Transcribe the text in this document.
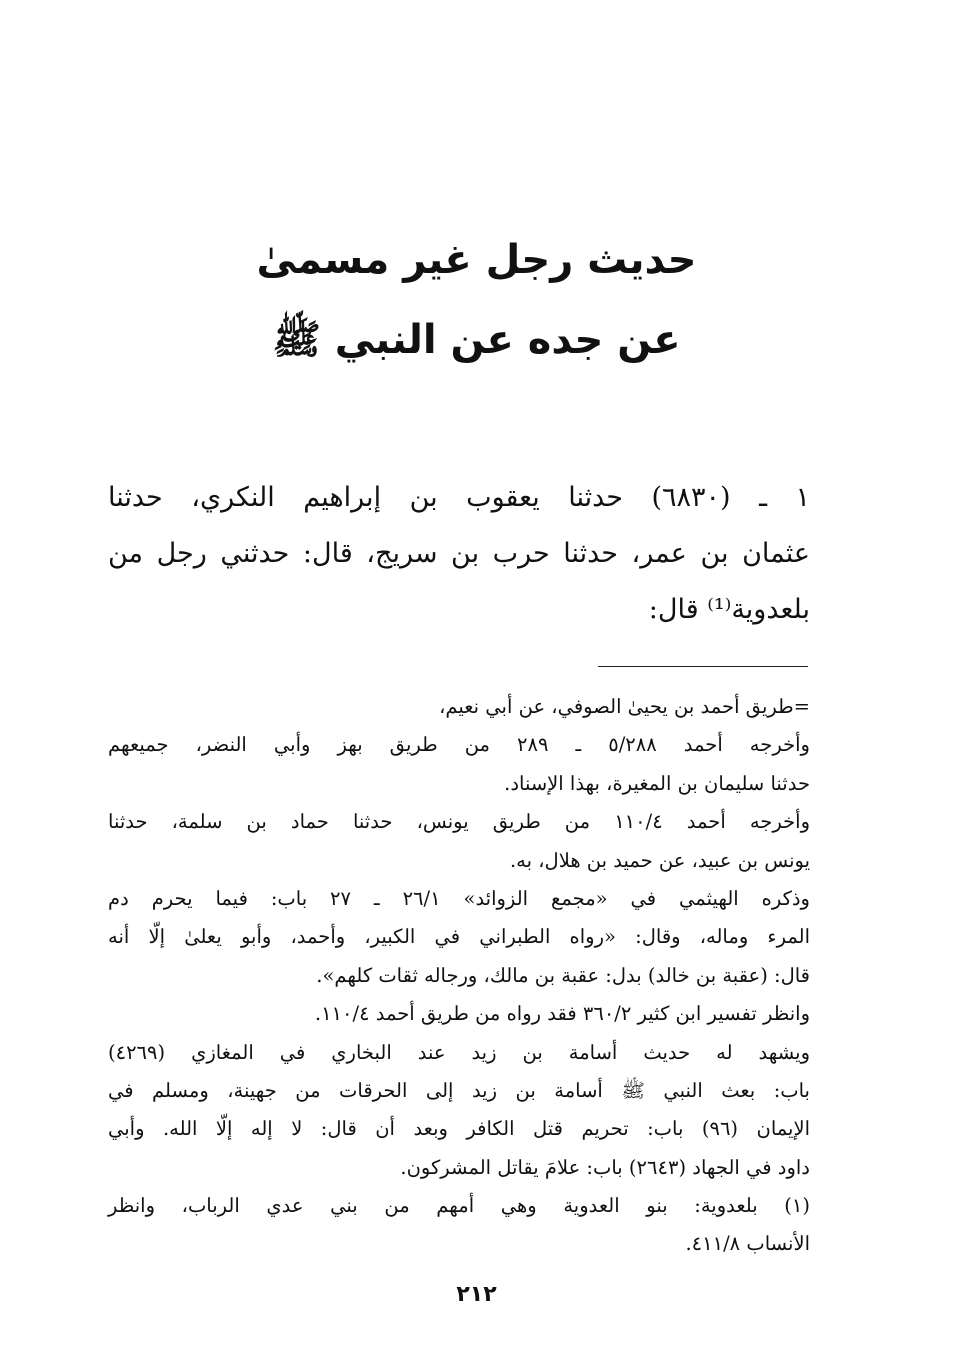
حديث رجل غير مسمىٰ
عن جده عن النبي ﷺ
١ ـ (٦٨٣٠) حدثنا يعقوب بن إبراهيم النكري، حدثنا
عثمان بن عمر، حدثنا حرب بن سريج، قال: حدثني رجل من
بلعدوية⁽¹⁾ قال:
=طريق أحمد بن يحيىٰ الصوفي، عن أبي نعيم،
وأخرجه أحمد ٥/٢٨٨ ـ ٢٨٩ من طريق بهز وأبي النضر، جميعهم
حدثنا سليمان بن المغيرة، بهذا الإسناد.
وأخرجه أحمد ١١٠/٤ من طريق يونس، حدثنا حماد بن سلمة، حدثنا
يونس بن عبيد، عن حميد بن هلال، به.
وذكره الهيثمي في «مجمع الزوائد» ٢٦/١ ـ ٢٧ باب: فيما يحرم دم
المرء وماله، وقال: «رواه الطبراني في الكبير، وأحمد، وأبو يعلىٰ إلّا أنه
قال: (عقبة بن خالد) بدل: عقبة بن مالك، ورجاله ثقات كلهم».
وانظر تفسير ابن كثير ٣٦٠/٢ فقد رواه من طريق أحمد ١١٠/٤.
ويشهد له حديث أسامة بن زيد عند البخاري في المغازي (٤٢٦٩)
باب: بعث النبي ﷺ أسامة بن زيد إلى الحرقات من جهينة، ومسلم في
الإيمان (٩٦) باب: تحريم قتل الكافر وبعد أن قال: لا إله إلّا الله. وأبي
داود في الجهاد (٢٦٤٣) باب: علامَ يقاتل المشركون.
(١) بلعدوية: بنو العدوية وهي أمهم من بني عدي الرباب، وانظر
الأنساب ٤١١/٨.
٢١٢
